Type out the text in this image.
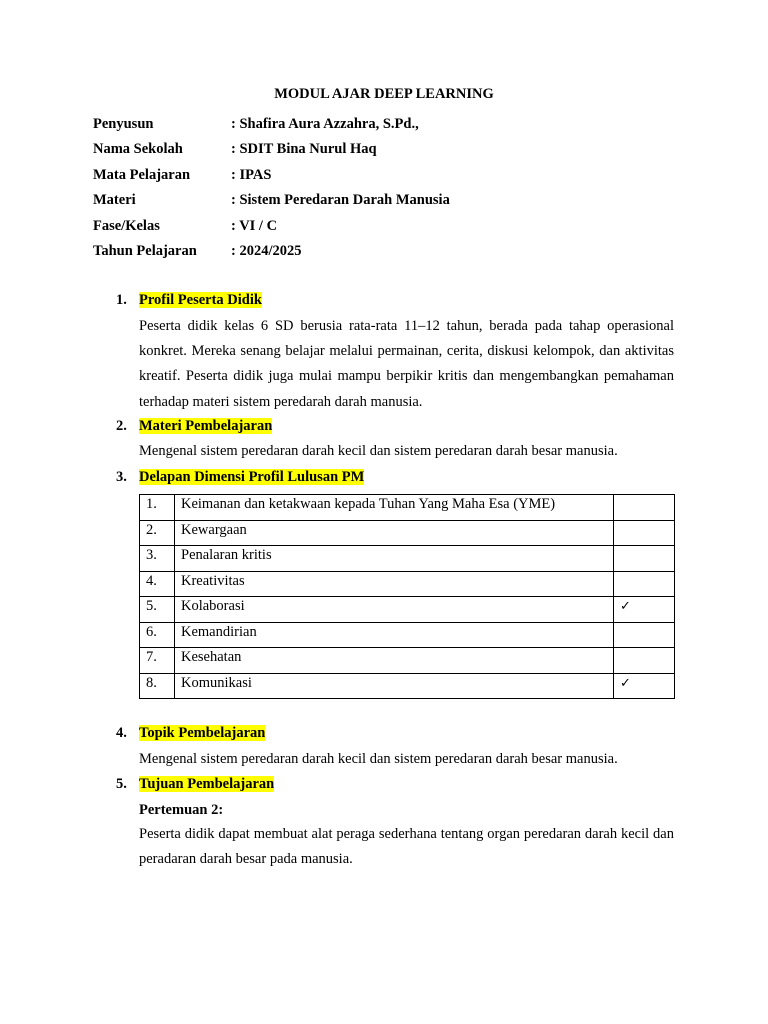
MODUL AJAR DEEP LEARNING
Penyusun	: Shafira Aura Azzahra, S.Pd.,
Nama Sekolah	: SDIT Bina Nurul Haq
Mata Pelajaran	: IPAS
Materi	: Sistem Peredaran Darah Manusia
Fase/Kelas	: VI / C
Tahun Pelajaran	: 2024/2025
1. Profil Peserta Didik
Peserta didik kelas 6 SD berusia rata-rata 11–12 tahun, berada pada tahap operasional konkret. Mereka senang belajar melalui permainan, cerita, diskusi kelompok, dan aktivitas kreatif. Peserta didik juga mulai mampu berpikir kritis dan mengembangkan pemahaman terhadap materi sistem peredarah darah manusia.
2. Materi Pembelajaran
Mengenal sistem peredaran darah kecil dan sistem peredaran darah besar manusia.
3. Delapan Dimensi Profil Lulusan PM
1.	Keimanan dan ketakwaan kepada Tuhan Yang Maha Esa (YME)	
2.	Kewargaan	
3.	Penalaran kritis	
4.	Kreativitas	
5.	Kolaborasi	✓
6.	Kemandirian	
7.	Kesehatan	
8.	Komunikasi	✓
4. Topik Pembelajaran
Mengenal sistem peredaran darah kecil dan sistem peredaran darah besar manusia.
5. Tujuan Pembelajaran
Pertemuan 2:
Peserta didik dapat membuat alat peraga sederhana tentang organ peredaran darah kecil dan peradaran darah besar pada manusia.
